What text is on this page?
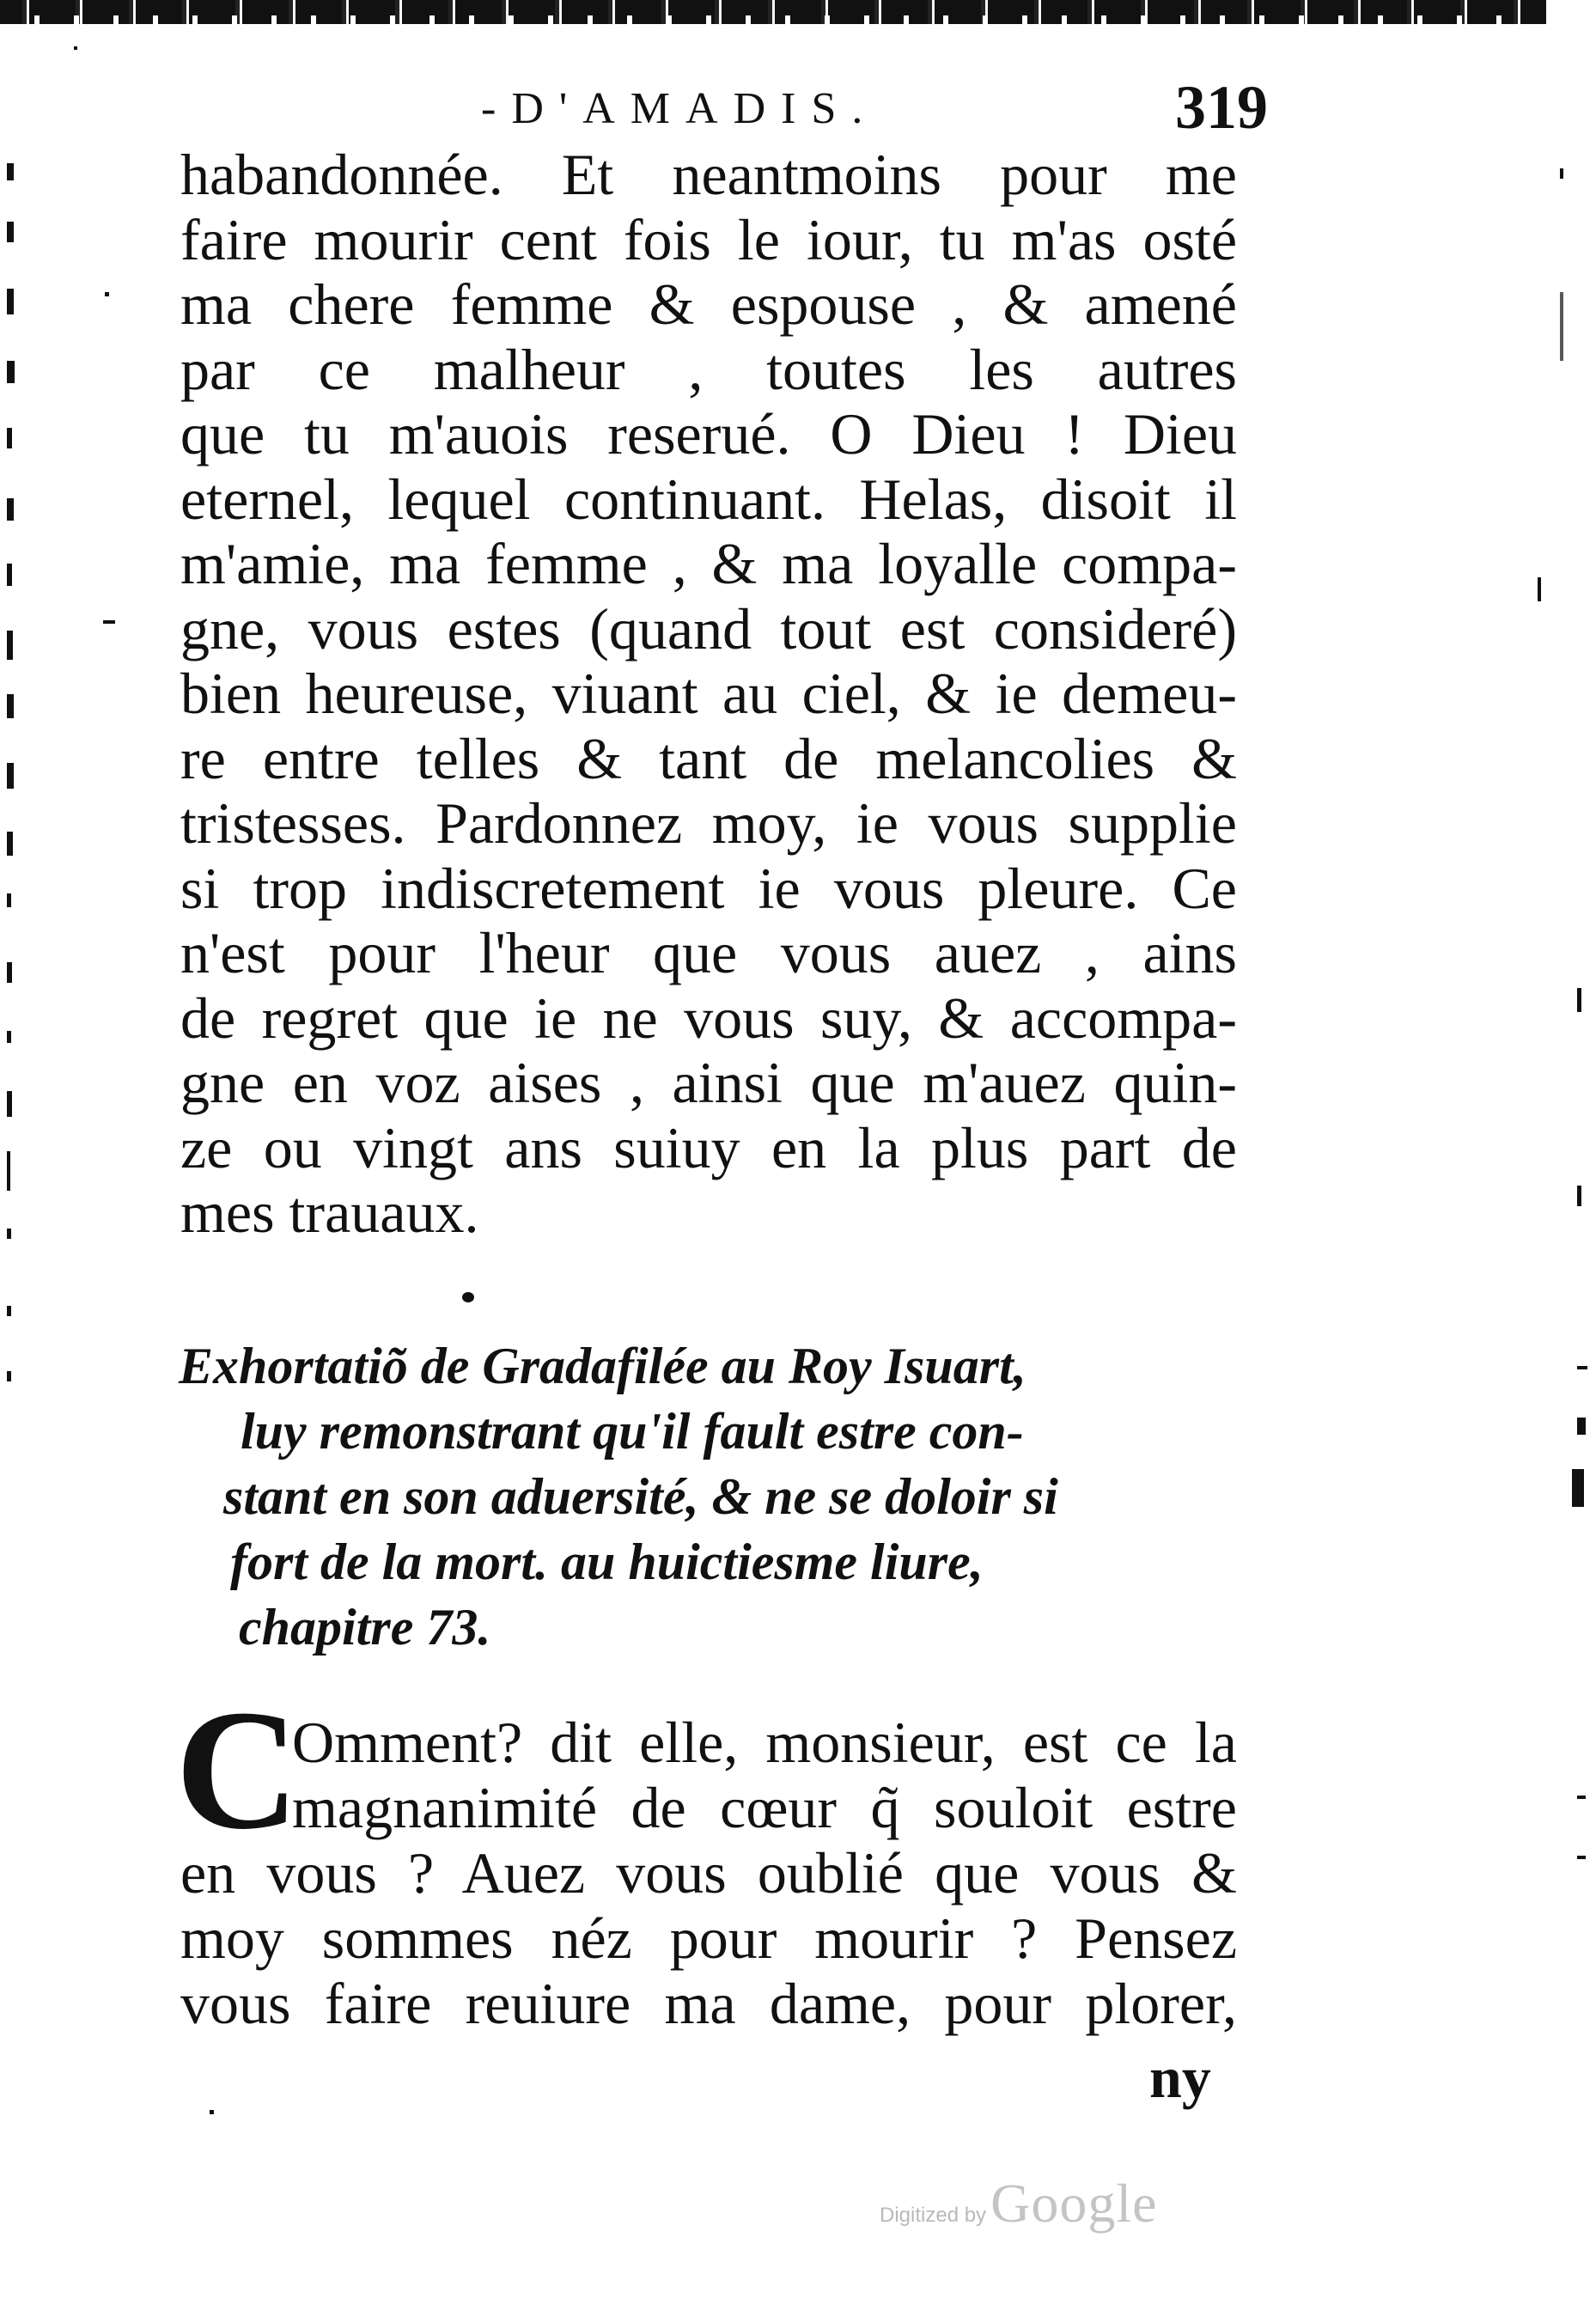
-D'AMADIS.	319
habandonnée. Et neantmoins pour me
faire mourir cent fois le iour, tu m'as osté
ma chere femme & espouse , & amené
par ce malheur , toutes les autres
que tu m'auois reserué. O Dieu ! Dieu
eternel, lequel continuant. Helas, disoit il
m'amie, ma femme , & ma loyalle compa-
gne, vous estes (quand tout est consideré)
bien heureuse, viuant au ciel, & ie demeu-
re entre telles & tant de melancolies &
tristesses. Pardonnez moy, ie vous supplie
si trop indiscretement ie vous pleure. Ce
n'est pour l'heur que vous auez , ains
de regret que ie ne vous suy, & accompa-
gne en voz aises , ainsi que m'auez quin-
ze ou vingt ans suiuy en la plus part de
mes trauaux.
Exhortatiõ de Gradafilée au Roy Isuart,
luy remonstrant qu'il fault estre con-
stant en son aduersité, & ne se doloir si
fort de la mort. au huictiesme liure,
chapitre 73.
C
Omment? dit elle, monsieur, est ce la
magnanimité de cœur q̃ souloit estre
en vous ? Auez vous oublié que vous &
moy sommes néz pour mourir ? Pensez
vous faire reuiure ma dame, pour plorer,
ny
Digitized by Google
